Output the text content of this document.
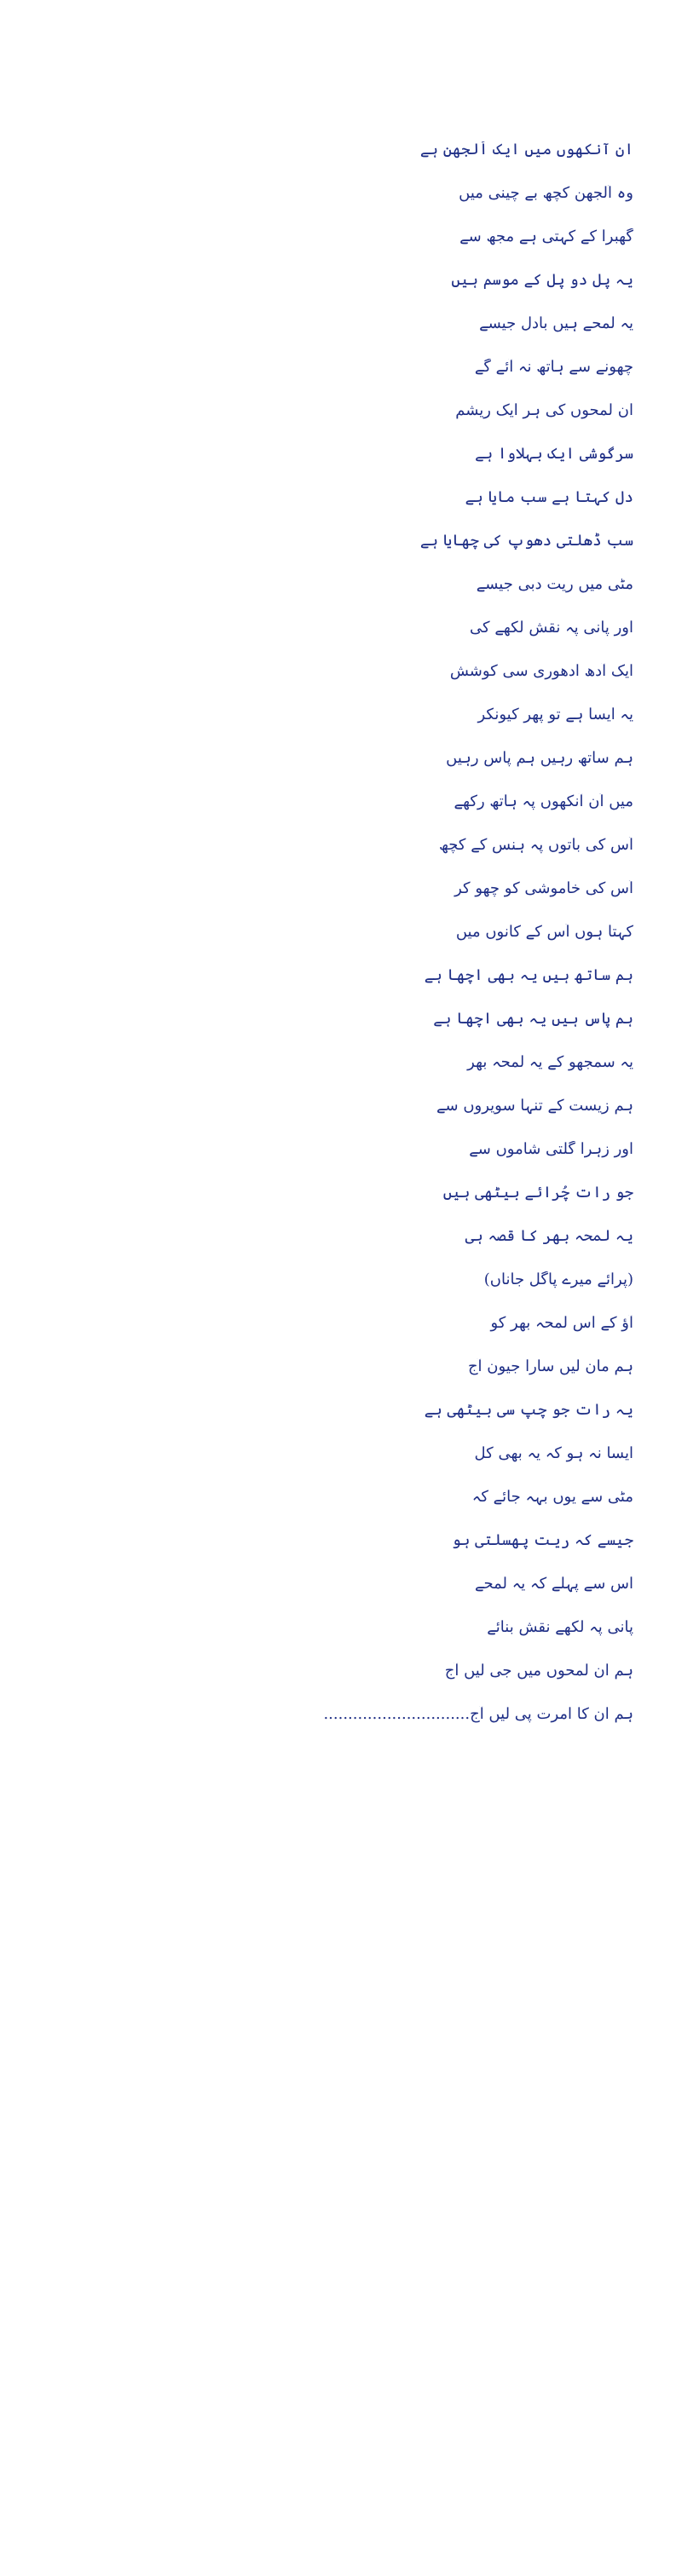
ان آنکھوں میں ایک اُلجھن ہے

وہ اُلجھن کچھ بے چینی میں

گھبرا کے کہتی ہے مجھ سے

یہ پل دو پل کے موسم ہیں

یہ لمحے ہیں بادل جیسے

چھونے سے ہاتھ نہ آئے گے

ان لمحوں کی ہر ایک ریشم

سرگوشی ایک بہلاوا ہے

دل کہتا ہے سب مایا ہے

سب ڈھلتی دھوپ کی چھایا ہے

مٹی میں ریت دبی جیسے

اور پانی پہ نقش لکھے کی

ایک آدھ ادھوری سی کوشش

یہ ایسا ہے تو پھر کیونکر

ہم ساتھ رہیں ہم پاس رہیں

میں اُن آنکھوں پہ ہاتھ رکھے

اُس کی باتوں پہ ہنس کے کچھ

اُس کی خاموشی کو چھو کر

کہتا ہوں اُس کے کانوں میں

ہم ساتھ ہیں یہ بھی اچھا ہے

ہم پاس ہیں یہ بھی اچھا ہے

یہ سمجھو کے یہ لمحہ بھر

ہم زیست کے تنہا سویروں سے

اور زہرا گلتی شاموں سے

جو رات چُرائے بیٹھی ہیں

یہ لمحہ بھر کا قصہ ہی

(پرائے میرے پاگل جاناں)

آؤ کے اس لمحہ بھر کو

ہم مان لیں سارا جیون آج

یہ رات جو چپ سی بیٹھی ہے

ایسا نہ ہو کہ یہ بھی کل

مٹی سے یوں بہہ جائے کہ

جیسے کہ ریت پھسلتی ہو

اس سے پہلے کہ یہ لمحے

پانی پہ لکھے نقش بنائے

ہم ان لمحوں میں جی لیں آج

ہم ان کا امرت پی لیں آج..............................
